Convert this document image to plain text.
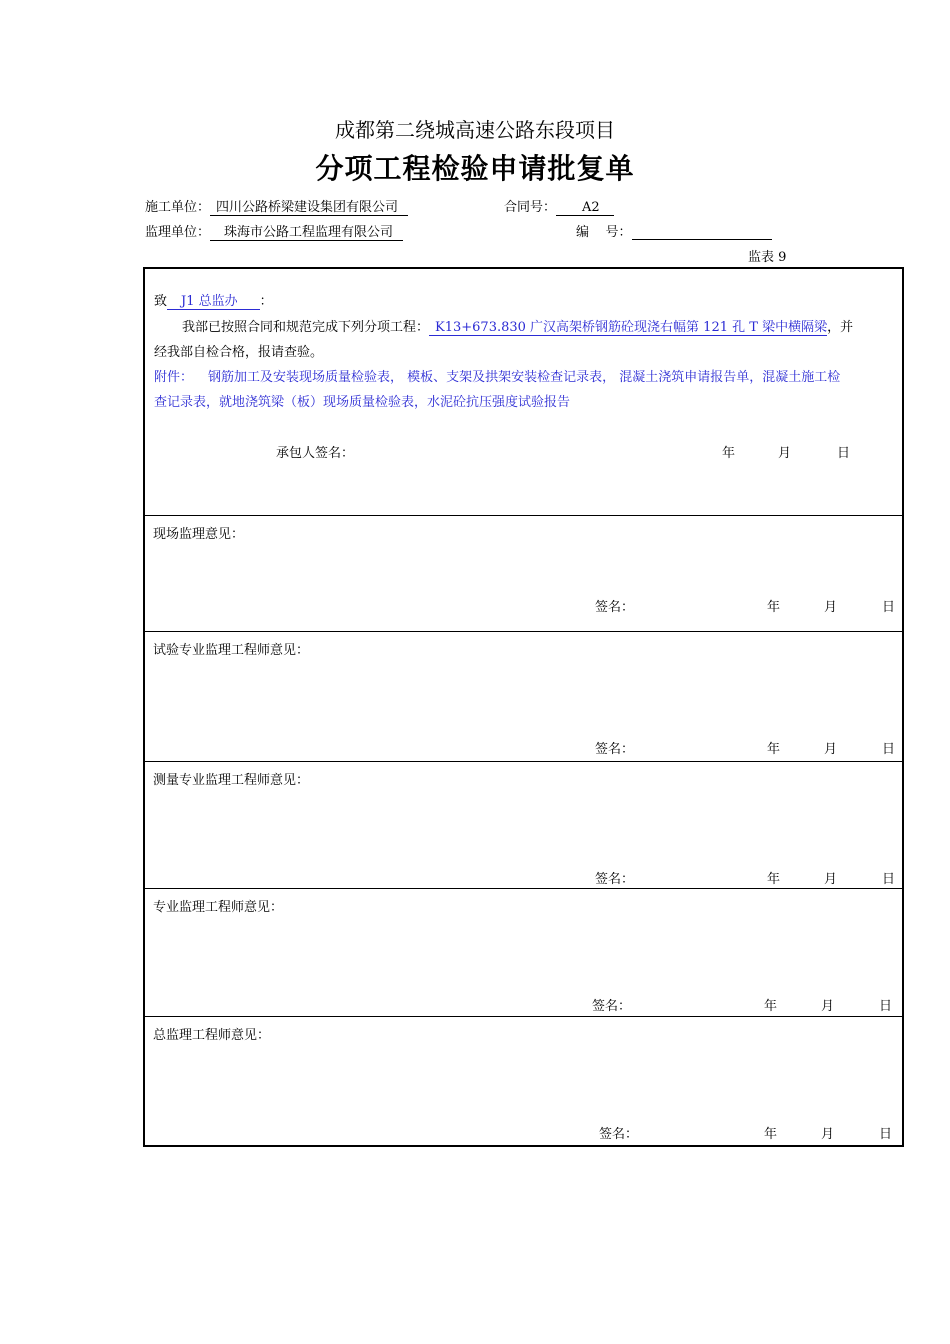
成都第二绕城高速公路东段项目
分项工程检验申请批复单
施工单位： 四川公路桥梁建设集团有限公司	合同号： A2
监理单位： 珠海市公路工程监理有限公司	编    号：
监表 9
致 J1 总监办 ：
我部已按照合同和规范完成下列分项工程： K13+673.830 广汉高架桥钢筋砼现浇右幅第 121 孔 T 梁中横隔梁，并
经我部自检合格，报请查验。
附件： 钢筋加工及安装现场质量检验表， 模板、支架及拱架安装检查记录表， 混凝土浇筑申请报告单，混凝土施工检
查记录表，就地浇筑梁（板）现场质量检验表，水泥砼抗压强度试验报告
承包人签名：	年	月	日
现场监理意见：
签名：	年	月	日
试验专业监理工程师意见：
签名：	年	月	日
测量专业监理工程师意见：
签名：	年	月	日
专业监理工程师意见：
签名：	年	月	日
总监理工程师意见：
签名：	年	月	日
